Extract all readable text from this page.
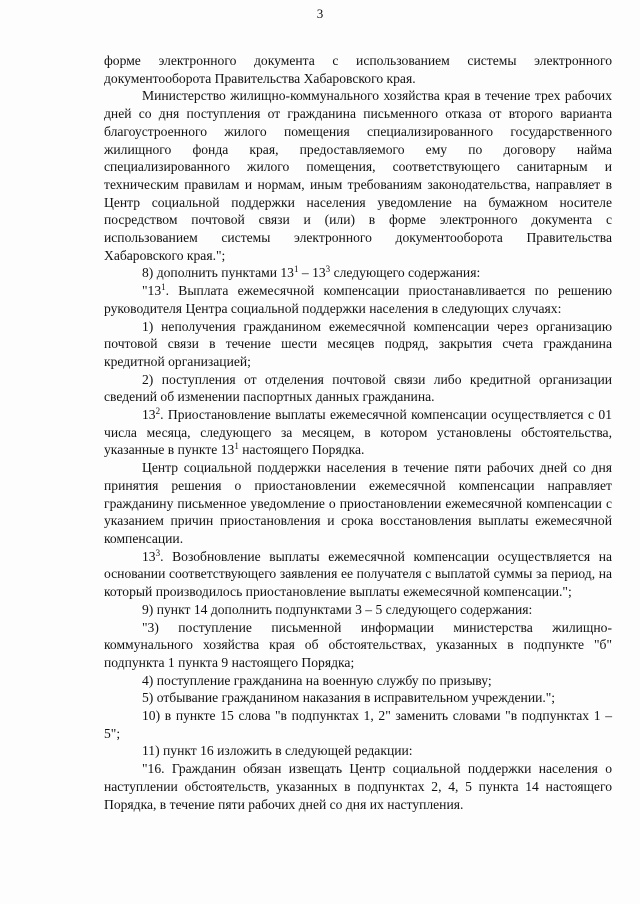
3

форме электронного документа с использованием системы электронного документооборота Правительства Хабаровского края.

Министерство жилищно-коммунального хозяйства края в течение трех рабочих дней со дня поступления от гражданина письменного отказа от второго варианта благоустроенного жилого помещения специализированного государственного жилищного фонда края, предоставляемого ему по договору найма специализированного жилого помещения, соответствующего санитарным и техническим правилам и нормам, иным требованиям законодательства, направляет в Центр социальной поддержки населения уведомление на бумажном носителе посредством почтовой связи и (или) в форме электронного документа с использованием системы электронного документооборота Правительства Хабаровского края.";

8) дополнить пунктами $13^1 - 13^3$ следующего содержания:

"$13^1$. Выплата ежемесячной компенсации приостанавливается по решению руководителя Центра социальной поддержки населения в следующих случаях:

1) неполучения гражданином ежемесячной компенсации через организацию почтовой связи в течение шести месяцев подряд, закрытия счета гражданина кредитной организацией;

2) поступления от отделения почтовой связи либо кредитной организации сведений об изменении паспортных данных гражданина.

$13^2$. Приостановление выплаты ежемесячной компенсации осуществляется с 01 числа месяца, следующего за месяцем, в котором установлены обстоятельства, указанные в пункте $13^1$ настоящего Порядка.

Центр социальной поддержки населения в течение пяти рабочих дней со дня принятия решения о приостановлении ежемесячной компенсации направляет гражданину письменное уведомление о приостановлении ежемесячной компенсации с указанием причин приостановления и срока восстановления выплаты ежемесячной компенсации.

$13^3$. Возобновление выплаты ежемесячной компенсации осуществляется на основании соответствующего заявления ее получателя с выплатой суммы за период, на который производилось приостановление выплаты ежемесячной компенсации.";

9) пункт 14 дополнить подпунктами 3 – 5 следующего содержания:

"3) поступление письменной информации министерства жилищно-коммунального хозяйства края об обстоятельствах, указанных в подпункте "б" подпункта 1 пункта 9 настоящего Порядка;

4) поступление гражданина на военную службу по призыву;

5) отбывание гражданином наказания в исправительном учреждении.";

10) в пункте 15 слова "в подпунктах 1, 2" заменить словами "в подпунктах 1 – 5";

11) пункт 16 изложить в следующей редакции:

"16. Гражданин обязан извещать Центр социальной поддержки населения о наступлении обстоятельств, указанных в подпунктах 2, 4, 5 пункта 14 настоящего Порядка, в течение пяти рабочих дней со дня их наступления.
